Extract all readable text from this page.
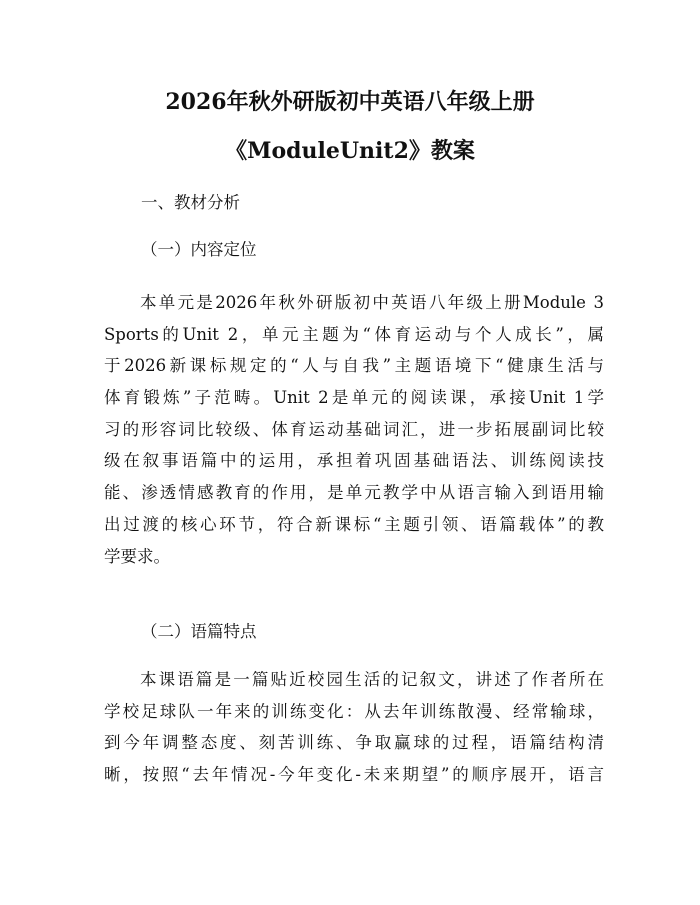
2026年秋外研版初中英语八年级上册
《ModuleUnit2》教案

一、教材分析

（一）内容定位

本单元是2026年秋外研版初中英语八年级上册Module 3
Sports的Unit 2，单元主题为“体育运动与个人成长”，属
于2026新课标规定的“人与自我”主题语境下“健康生活与
体育锻炼”子范畴。Unit 2是单元的阅读课，承接Unit 1学
习的形容词比较级、体育运动基础词汇，进一步拓展副词比较
级在叙事语篇中的运用，承担着巩固基础语法、训练阅读技
能、渗透情感教育的作用，是单元教学中从语言输入到语用输
出过渡的核心环节，符合新课标“主题引领、语篇载体”的教
学要求。

（二）语篇特点

本课语篇是一篇贴近校园生活的记叙文，讲述了作者所在
学校足球队一年来的训练变化：从去年训练散漫、经常输球，
到今年调整态度、刻苦训练、争取赢球的过程，语篇结构清
晰，按照“去年情况-今年变化-未来期望”的顺序展开，语言
